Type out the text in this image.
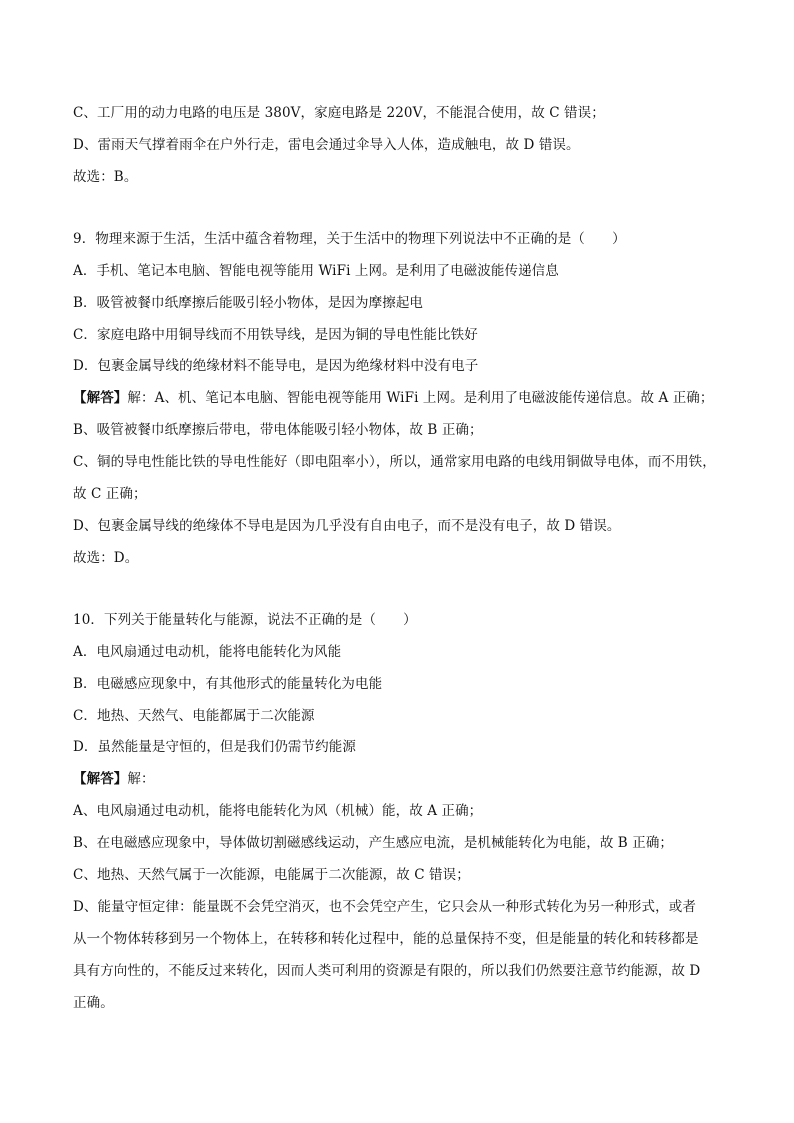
C、工厂用的动力电路的电压是 380V，家庭电路是 220V，不能混合使用，故 C 错误；
D、雷雨天气撑着雨伞在户外行走，雷电会通过伞导入人体，造成触电，故 D 错误。
故选：B。
9．物理来源于生活，生活中蕴含着物理，关于生活中的物理下列说法中不正确的是（　　）
A．手机、笔记本电脑、智能电视等能用 WiFi 上网。是利用了电磁波能传递信息
B．吸管被餐巾纸摩擦后能吸引轻小物体，是因为摩擦起电
C．家庭电路中用铜导线而不用铁导线，是因为铜的导电性能比铁好
D．包裹金属导线的绝缘材料不能导电，是因为绝缘材料中没有电子
【解答】解：A、机、笔记本电脑、智能电视等能用 WiFi 上网。是利用了电磁波能传递信息。故 A 正确；
B、吸管被餐巾纸摩擦后带电，带电体能吸引轻小物体，故 B 正确；
C、铜的导电性能比铁的导电性能好（即电阻率小），所以，通常家用电路的电线用铜做导电体，而不用铁，
故 C 正确；
D、包裹金属导线的绝缘体不导电是因为几乎没有自由电子，而不是没有电子，故 D 错误。
故选：D。
10．下列关于能量转化与能源，说法不正确的是（　　）
A．电风扇通过电动机，能将电能转化为风能
B．电磁感应现象中，有其他形式的能量转化为电能
C．地热、天然气、电能都属于二次能源
D．虽然能量是守恒的，但是我们仍需节约能源
【解答】解：
A、电风扇通过电动机，能将电能转化为风（机械）能，故 A 正确；
B、在电磁感应现象中，导体做切割磁感线运动，产生感应电流，是机械能转化为电能，故 B 正确；
C、地热、天然气属于一次能源，电能属于二次能源，故 C 错误；
D、能量守恒定律：能量既不会凭空消灭，也不会凭空产生，它只会从一种形式转化为另一种形式，或者
从一个物体转移到另一个物体上，在转移和转化过程中，能的总量保持不变，但是能量的转化和转移都是
具有方向性的，不能反过来转化，因而人类可利用的资源是有限的，所以我们仍然要注意节约能源，故 D
正确。
